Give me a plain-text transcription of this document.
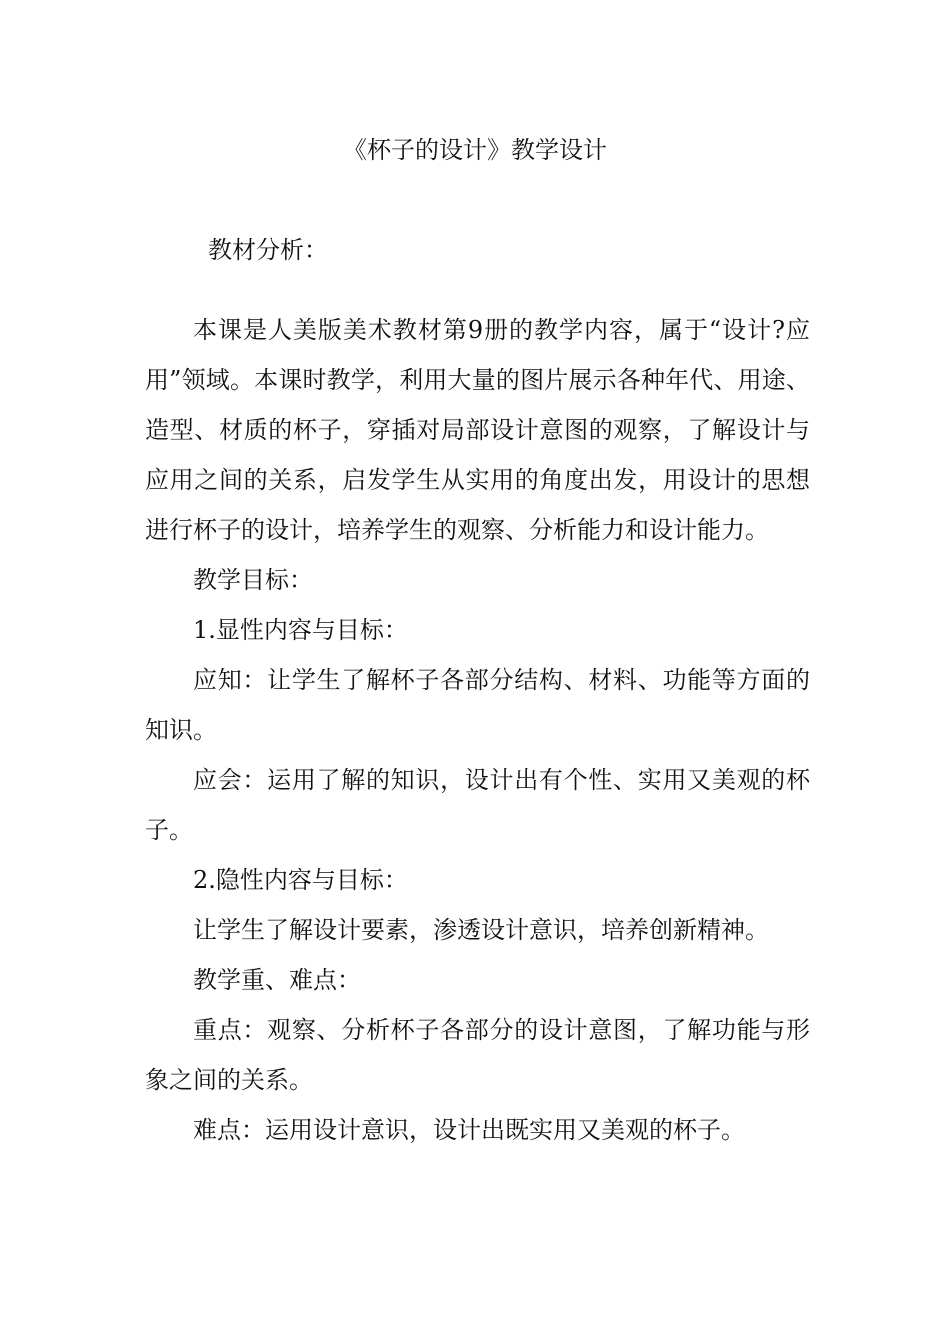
《杯子的设计》教学设计

教材分析：

本课是人美版美术教材第9册的教学内容，属于“设计?应用”领域。本课时教学，利用大量的图片展示各种年代、用途、造型、材质的杯子，穿插对局部设计意图的观察，了解设计与应用之间的关系，启发学生从实用的角度出发，用设计的思想进行杯子的设计，培养学生的观察、分析能力和设计能力。

教学目标：

1.显性内容与目标：

应知：让学生了解杯子各部分结构、材料、功能等方面的知识。

应会：运用了解的知识，设计出有个性、实用又美观的杯子。

2.隐性内容与目标：

让学生了解设计要素，渗透设计意识，培养创新精神。

教学重、难点：

重点：观察、分析杯子各部分的设计意图，了解功能与形象之间的关系。

难点：运用设计意识，设计出既实用又美观的杯子。
